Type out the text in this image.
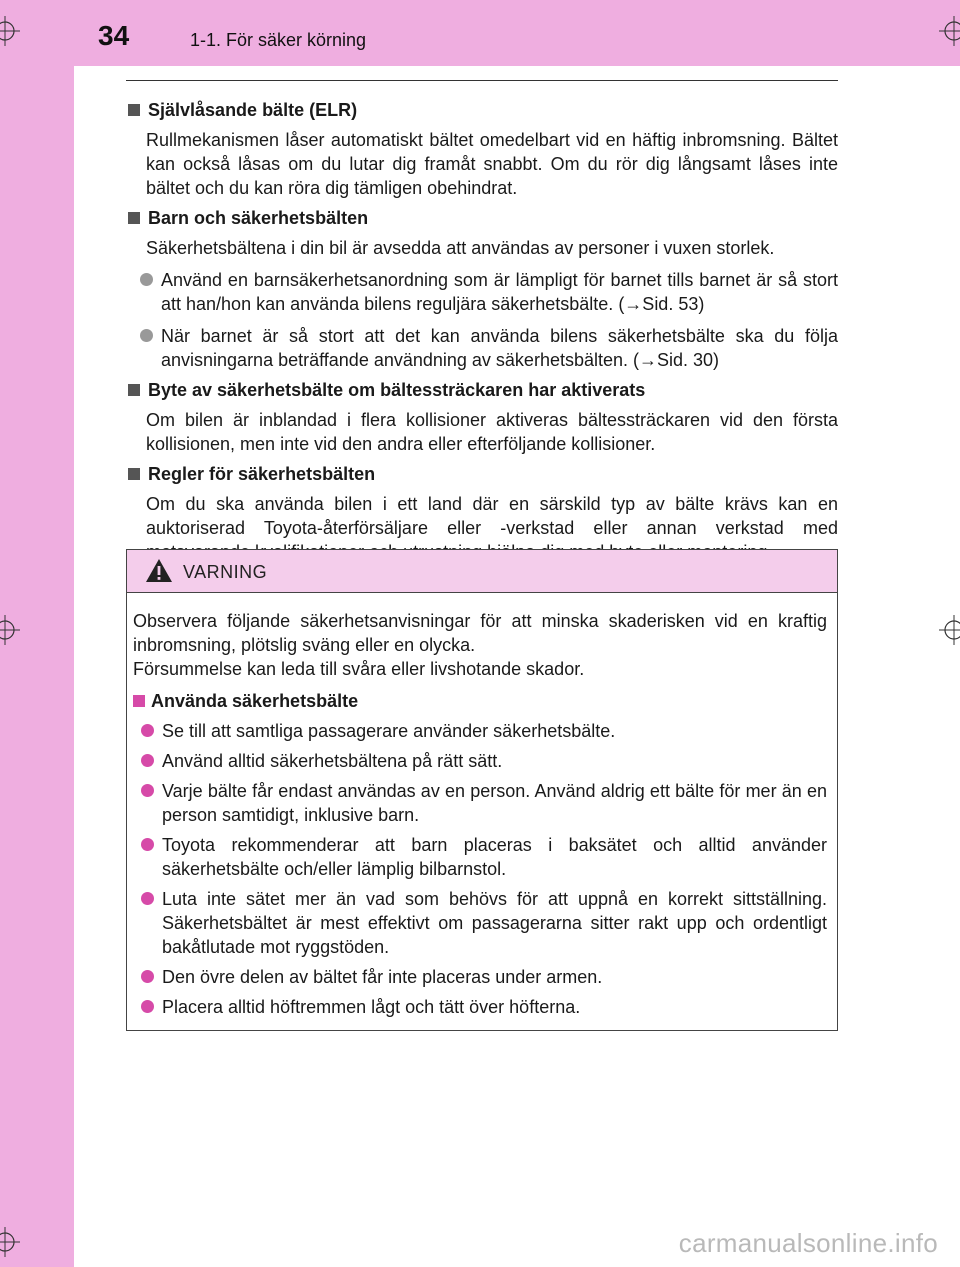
34	1-1. För säker körning
Självlåsande bälte (ELR)
Rullmekanismen låser automatiskt bältet omedelbart vid en häftig inbromsning. Bältet kan också låsas om du lutar dig framåt snabbt. Om du rör dig långsamt låses inte bältet och du kan röra dig tämligen obehindrat.
Barn och säkerhetsbälten
Säkerhetsbältena i din bil är avsedda att användas av personer i vuxen storlek.
Använd en barnsäkerhetsanordning som är lämpligt för barnet tills barnet är så stort att han/hon kan använda bilens reguljära säkerhetsbälte. (→Sid. 53)
När barnet är så stort att det kan använda bilens säkerhetsbälte ska du följa anvisningarna beträffande användning av säkerhetsbälten. (→Sid. 30)
Byte av säkerhetsbälte om bältessträckaren har aktiverats
Om bilen är inblandad i flera kollisioner aktiveras bältessträckaren vid den första kollisionen, men inte vid den andra eller efterföljande kollisioner.
Regler för säkerhetsbälten
Om du ska använda bilen i ett land där en särskild typ av bälte krävs kan en auktoriserad Toyota-återförsäljare eller -verkstad eller annan verkstad med
VARNING
Observera följande säkerhetsanvisningar för att minska skaderisken vid en kraftig inbromsning, plötslig sväng eller en olycka.
Försummelse kan leda till svåra eller livshotande skador.
Använda säkerhetsbälte
Se till att samtliga passagerare använder säkerhetsbälte.
Använd alltid säkerhetsbältena på rätt sätt.
Varje bälte får endast användas av en person. Använd aldrig ett bälte för mer än en person samtidigt, inklusive barn.
Toyota rekommenderar att barn placeras i baksätet och alltid använder säkerhetsbälte och/eller lämplig bilbarnstol.
Luta inte sätet mer än vad som behövs för att uppnå en korrekt sittställning. Säkerhetsbältet är mest effektivt om passagerarna sitter rakt upp och ordentligt bakåtlutade mot ryggstöden.
Den övre delen av bältet får inte placeras under armen.
Placera alltid höftremmen lågt och tätt över höfterna.
carmanualsonline.info
